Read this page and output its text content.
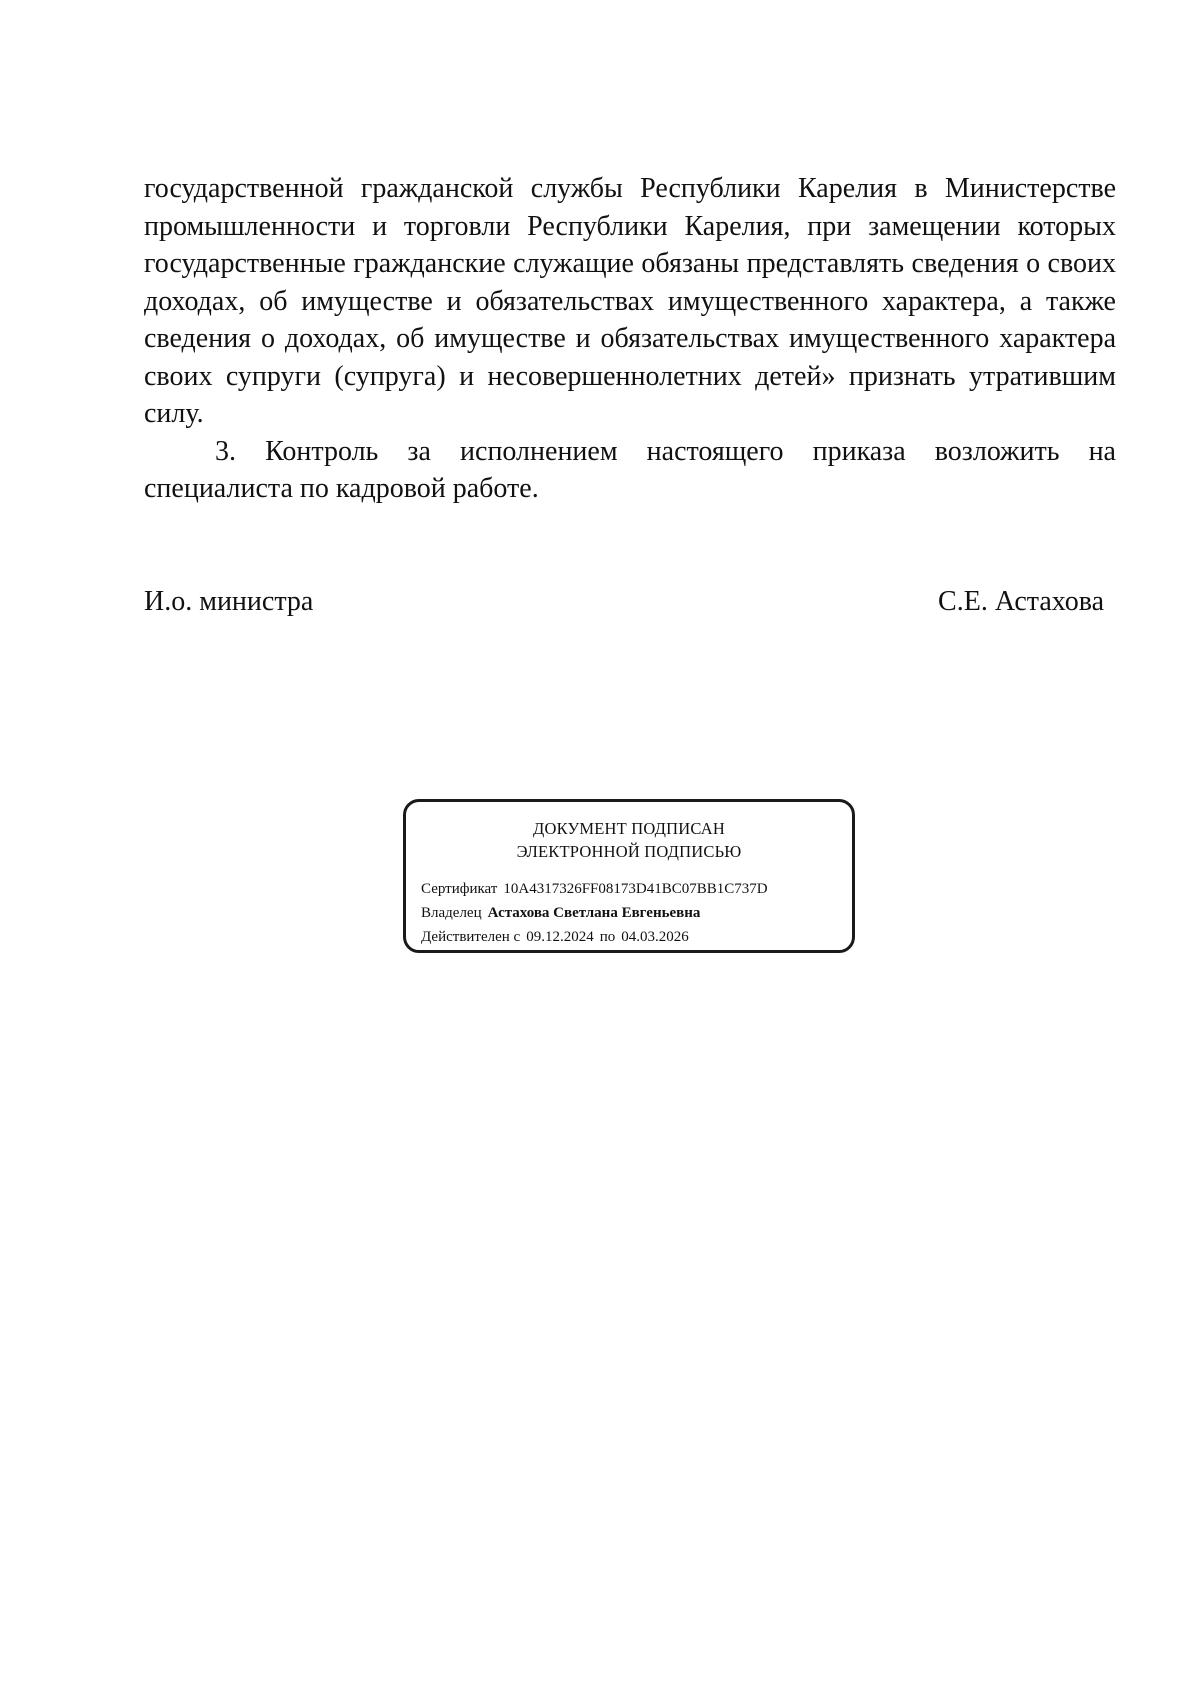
государственной гражданской службы Республики Карелия в Министерстве промышленности и торговли Республики Карелия, при замещении которых государственные гражданские служащие обязаны представлять сведения о своих доходах, об имуществе и обязательствах имущественного характера, а также сведения о доходах, об имуществе и обязательствах имущественного характера своих супруги (супруга) и несовершеннолетних детей» признать утратившим силу.

3. Контроль за исполнением настоящего приказа возложить на специалиста по кадровой работе.

И.о. министра	С.Е. Астахова
ДОКУМЕНТ ПОДПИСАН
ЭЛЕКТРОННОЙ ПОДПИСЬЮ
Сертификат 10A4317326FF08173D41BC07BB1C737D
Владелец Астахова Светлана Евгеньевна
Действителен с 09.12.2024 по 04.03.2026
